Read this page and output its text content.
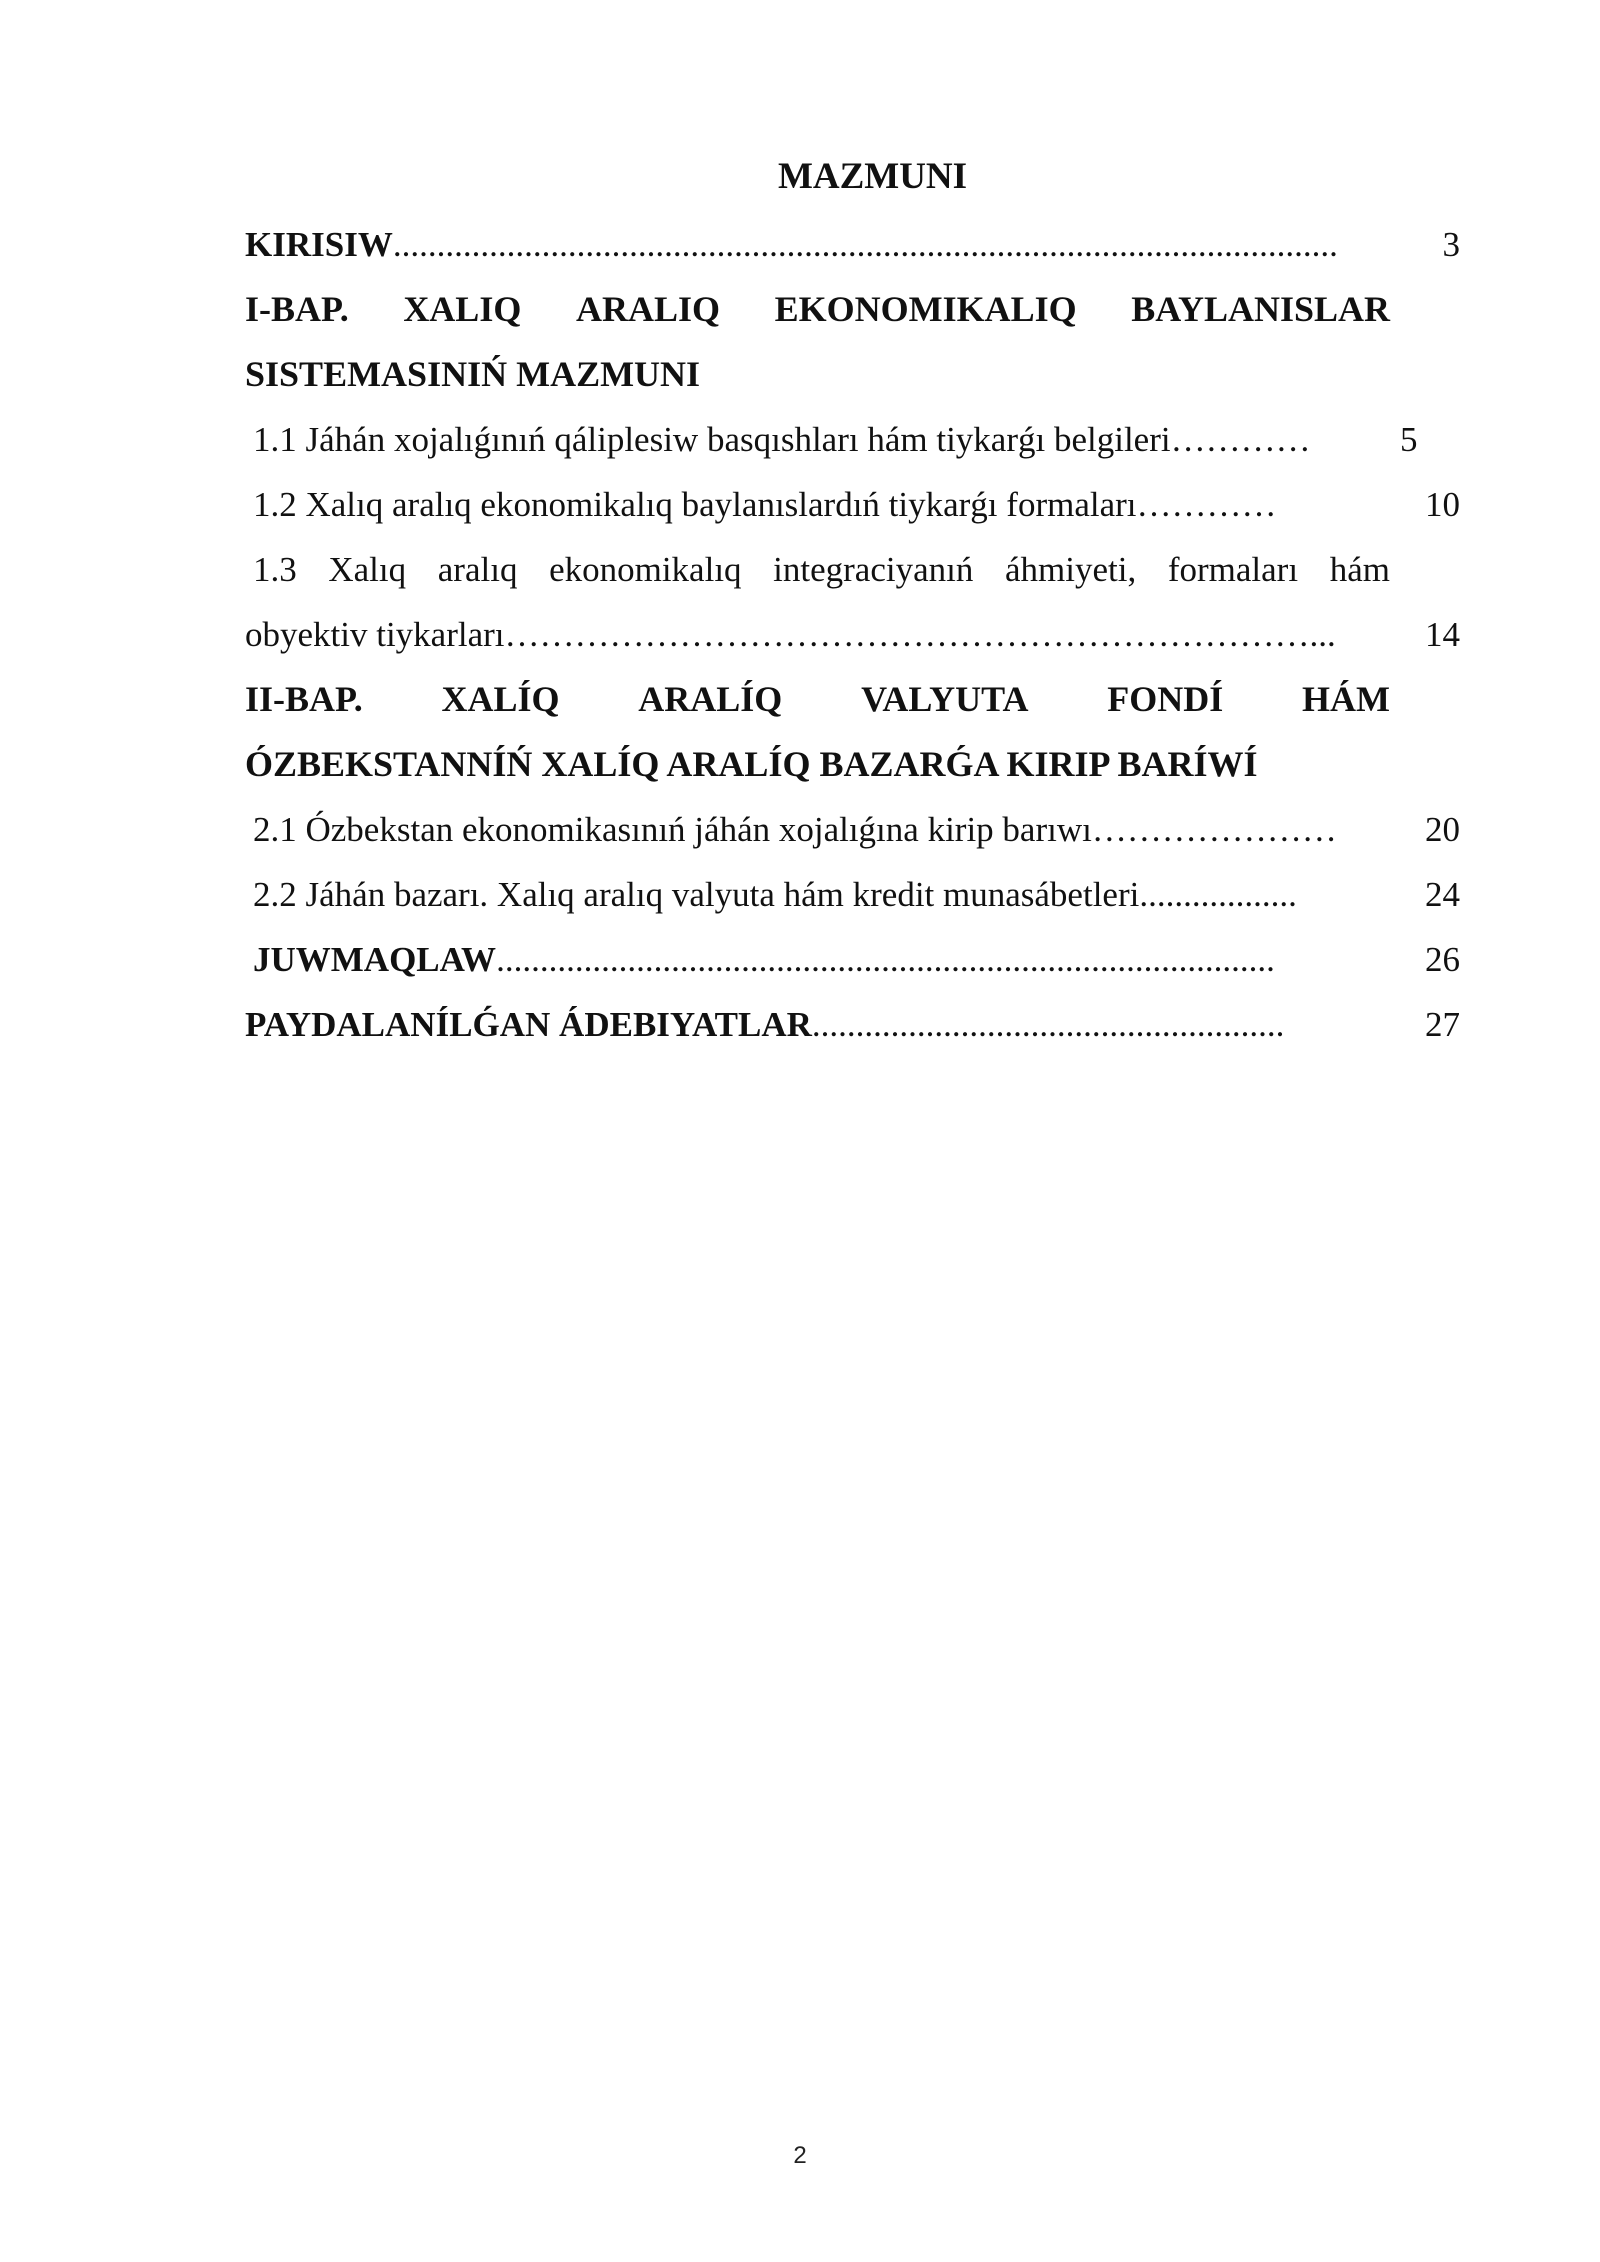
MAZMUNI
KIRISIW ............................................................................................................	3
I-BAP. XALIQ ARALIQ EKONOMIKALIQ BAYLANISLAR
SISTEMASINIŃ MAZMUNI
1.1 Jáhán xojalıǵınıń qáliplesiw basqıshları hám tiykarǵı belgileri …………	5
1.2 Xalıq aralıq ekonomikalıq baylanıslardıń tiykarǵı formaları …………	10
1.3 Xalıq aralıq ekonomikalıq integraciyanıń áhmiyeti, formaları hám
obyektiv tiykarları ……………………………………………………………...	14
II-BAP. XALÍQ ARALÍQ VALYUTA FONDÍ HÁM
ÓZBEKSTANNÍŃ XALÍQ ARALÍQ BAZARǴA KIRIP BARÍWÍ
2.1 Ózbekstan ekonomikasınıń jáhán xojalıǵına kirip barıwı …………………	20
2.2 Jáhán bazarı. Xalıq aralıq valyuta hám kredit munasábetleri ..................	24
JUWMAQLAW .........................................................................................	26
PAYDALANÍLǴAN ÁDEBIYATLAR ......................................................	27
2
